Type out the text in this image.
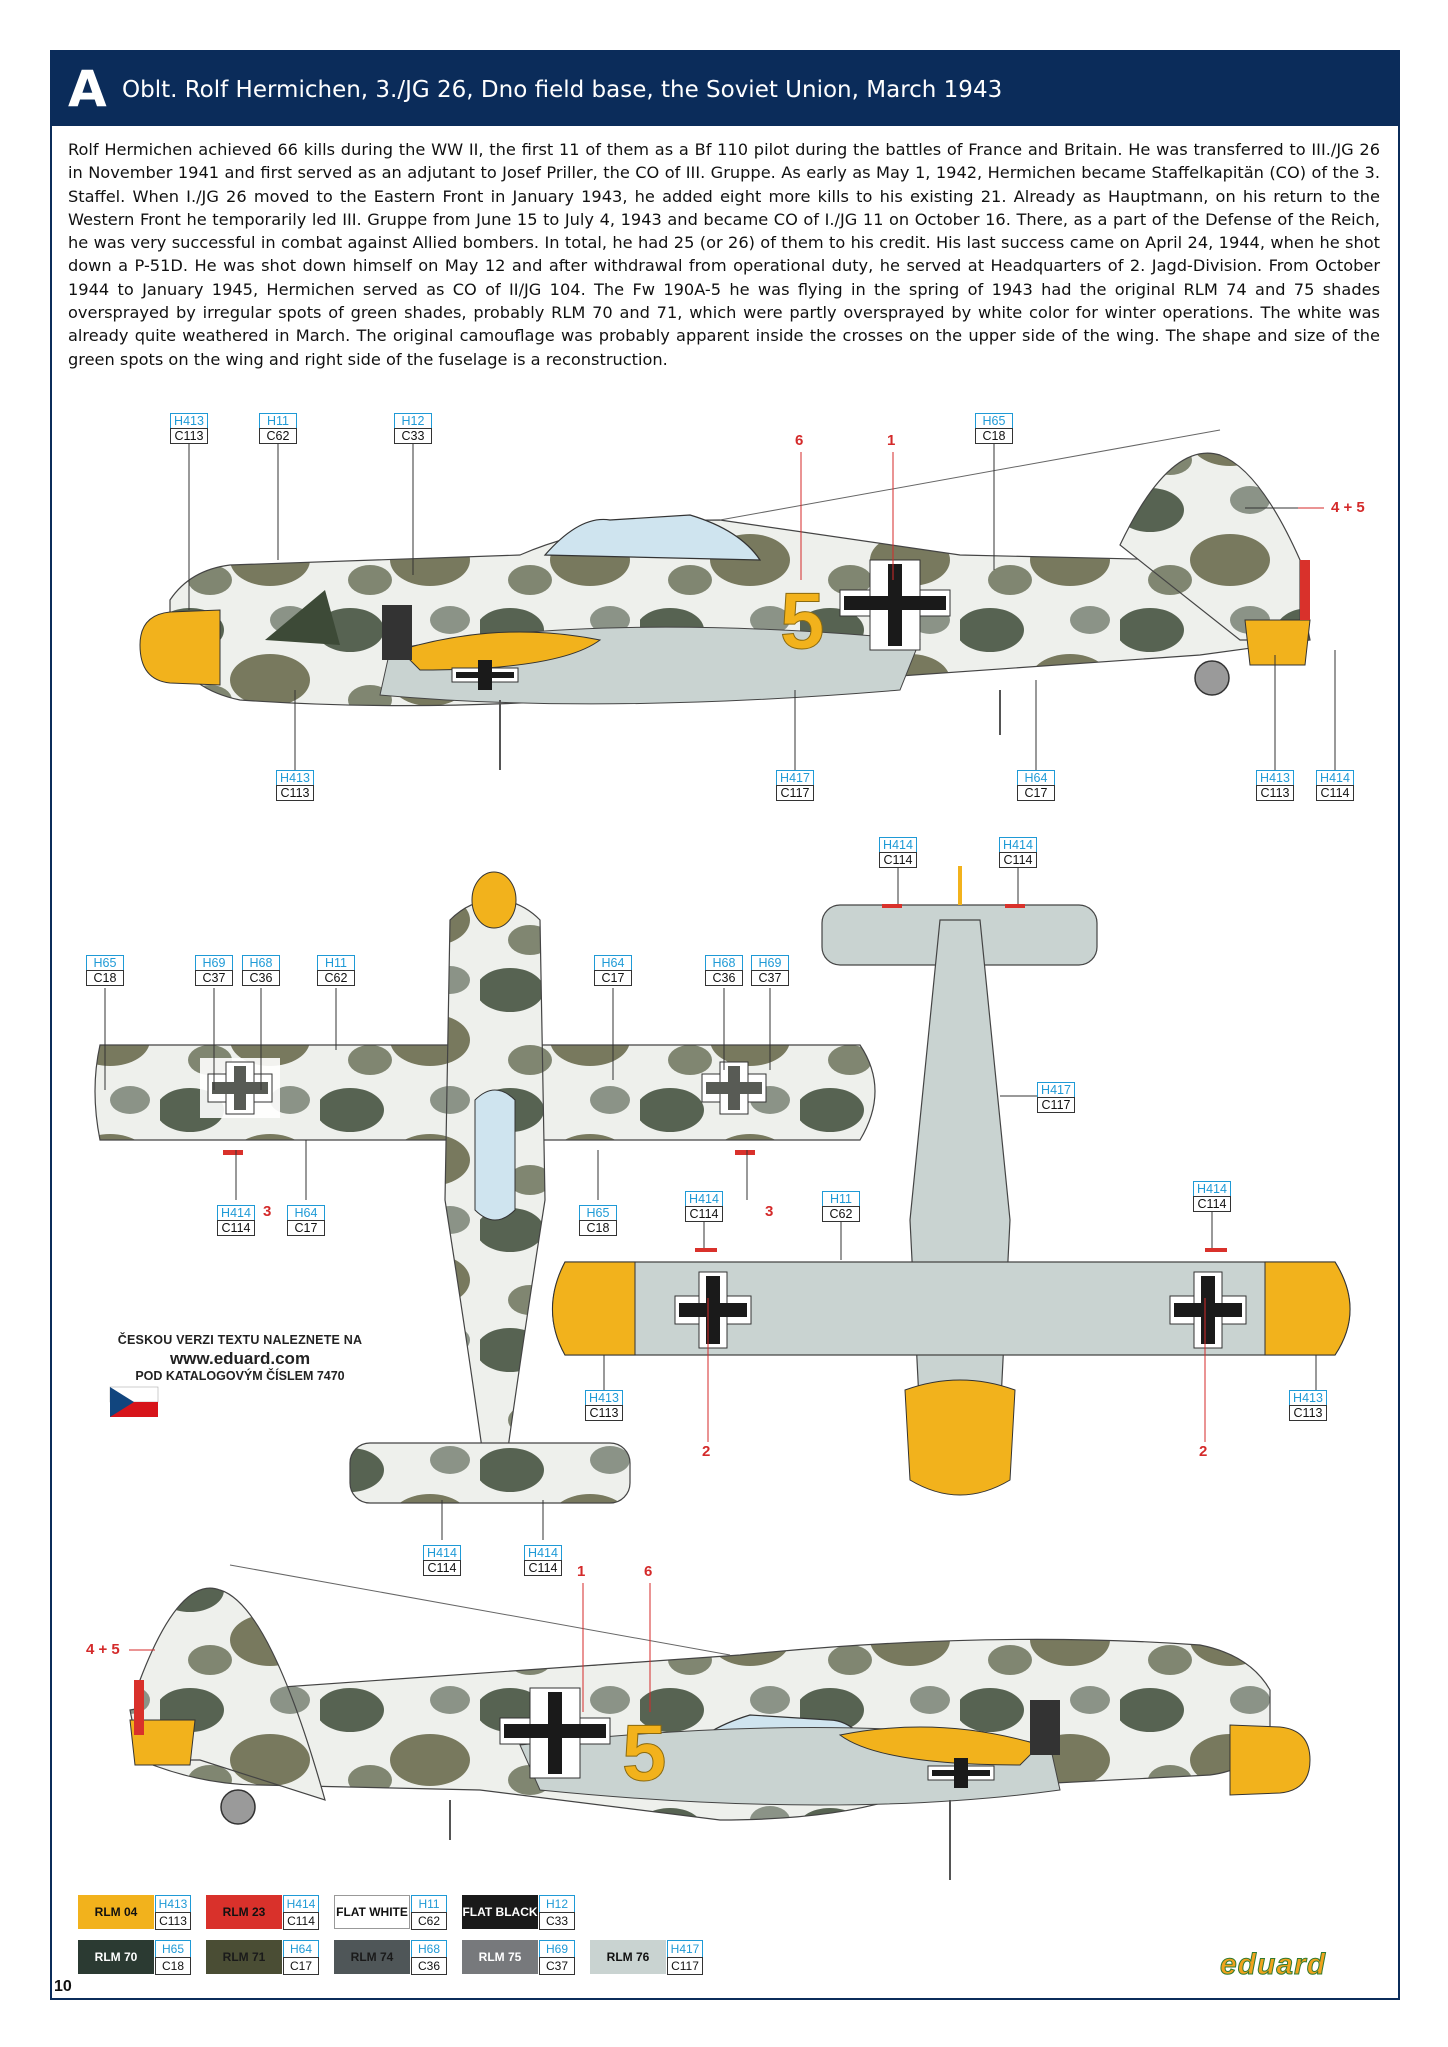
A Oblt. Rolf Hermichen, 3./JG 26, Dno field base, the Soviet Union, March 1943

Rolf Hermichen achieved 66 kills during the WW II, the first 11 of them as a Bf 110 pilot during the battles of France and Britain. He was transferred to III./JG 26 in November 1941 and first served as an adjutant to Josef Priller, the CO of III. Gruppe. As early as May 1, 1942, Hermichen became Staffelkapitän (CO) of the 3. Staffel. When I./JG 26 moved to the Eastern Front in January 1943, he added eight more kills to his existing 21. Already as Hauptmann, on his return to the Western Front he temporarily led III. Gruppe from June 15 to July 4, 1943 and became CO of I./JG 11 on October 16. There, as a part of the Defense of the Reich, he was very successful in combat against Allied bombers. In total, he had 25 (or 26) of them to his credit. His last success came on April 24, 1944, when he shot down a P-51D. He was shot down himself on May 12 and after withdrawal from operational duty, he served at Headquarters of 2. Jagd-Division. From October 1944 to January 1945, Hermichen served as CO of II/JG 104. The Fw 190A-5 he was flying in the spring of 1943 had the original RLM 74 and 75 shades oversprayed by irregular spots of green shades, probably RLM 70 and 71, which were partly oversprayed by white color for winter operations. The white was already quite weathered in March. The original camouflage was probably apparent inside the crosses on the upper side of the wing. The shape and size of the green spots on the wing and right side of the fuselage is a reconstruction.

5
5
H413
C113
H11
C62
H12
C33
H65
C18
H413
C113
H417
C117
H64
C17
H413
C113
H414
C114
H65
C18
H69
C37
H68
C36
H11
C62
H64
C17
H68
C36
H69
C37
H414
C114
H64
C17
H65
C18
H414
C114
H414
C114
H414
C114
H414
C114
H417
C117
H414
C114
H11
C62
H414
C114
H413
C113
H413
C113
6	1
4 + 5
3	3
2	2
1	6
4 + 5
ČESKOU VERZI TEXTU NALEZNETE NA
www.eduard.com
POD KATALOGOVÝM ČÍSLEM 7470
RLM 04
H413
C113
RLM 23
H414
C114
FLAT WHITE
H11
C62
FLAT BLACK
H12
C33
RLM 70
H65
C18
RLM 71
H64
C17
RLM 74
H68
C36
RLM 75
H69
C37
RLM 76
H417
C117
10
eduard
